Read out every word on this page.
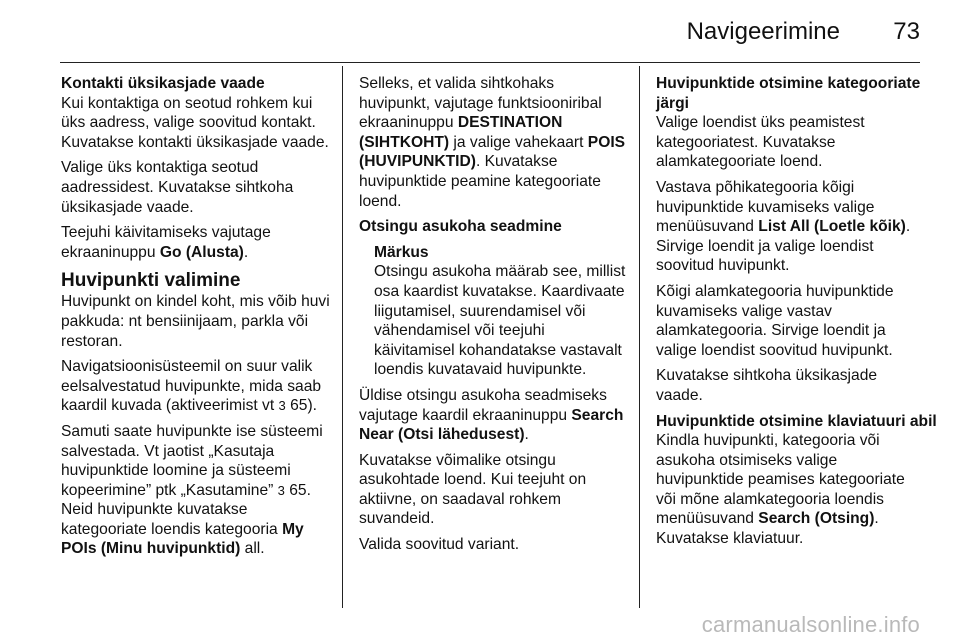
Navigeerimine 73

Kontakti üksikasjade vaade

Kui kontaktiga on seotud rohkem kui üks aadress, valige soovitud kontakt. Kuvatakse kontakti üksikasjade vaade.

Valige üks kontaktiga seotud aadressidest. Kuvatakse sihtkoha üksikasjade vaade.

Teejuhi käivitamiseks vajutage ekraaninuppu Go (Alusta).

Huvipunkti valimine

Huvipunkt on kindel koht, mis võib huvi pakkuda: nt bensiinijaam, parkla või restoran.

Navigatsioonisüsteemil on suur valik eelsalvestatud huvipunkte, mida saab kaardil kuvada (aktiveerimist vt 3 65).

Samuti saate huvipunkte ise süsteemi salvestada. Vt jaotist „Kasutaja huvipunktide loomine ja süsteemi kopeerimine” ptk „Kasutamine” 3 65. Neid huvipunkte kuvatakse kategooriate loendis kategooria My POIs (Minu huvipunktid) all.

Selleks, et valida sihtkohaks huvipunkt, vajutage funktsiooniribal ekraaninuppu DESTINATION (SIHTKOHT) ja valige vahekaart POIS (HUVIPUNKTID). Kuvatakse huvipunktide peamine kategooriate loend.

Otsingu asukoha seadmine

Märkus

Otsingu asukoha määrab see, millist osa kaardist kuvatakse. Kaardivaate liigutamisel, suurendamisel või vähendamisel või teejuhi käivitamisel kohandatakse vastavalt loendis kuvatavaid huvipunkte.

Üldise otsingu asukoha seadmiseks vajutage kaardil ekraaninuppu Search Near (Otsi lähedusest).

Kuvatakse võimalike otsingu asukohtade loend. Kui teejuht on aktiivne, on saadaval rohkem suvandeid.

Valida soovitud variant.

Huvipunktide otsimine kategooriate järgi

Valige loendist üks peamistest kategooriatest. Kuvatakse alamkategooriate loend.

Vastava põhikategooria kõigi huvipunktide kuvamiseks valige menüüsuvand List All (Loetle kõik). Sirvige loendit ja valige loendist soovitud huvipunkt.

Kõigi alamkategooria huvipunktide kuvamiseks valige vastav alamkategooria. Sirvige loendit ja valige loendist soovitud huvipunkt.

Kuvatakse sihtkoha üksikasjade vaade.

Huvipunktide otsimine klaviatuuri abil

Kindla huvipunkti, kategooria või asukoha otsimiseks valige huvipunktide peamises kategooriate või mõne alamkategooria loendis menüüsuvand Search (Otsing). Kuvatakse klaviatuur.

carmanualsonline.info
